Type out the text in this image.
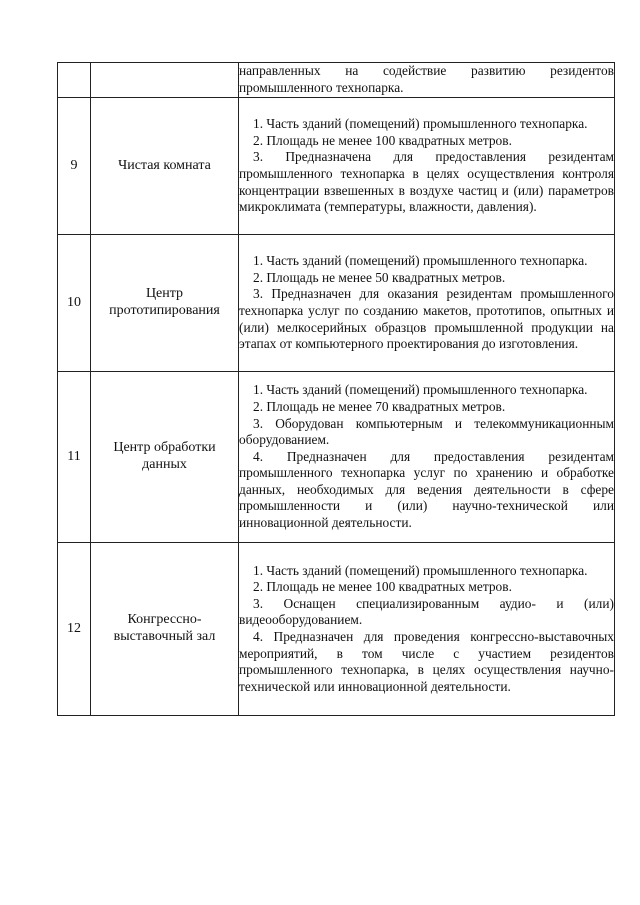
		направленных на содействие развитию резидентов промышленного технопарка.

9	Чистая комната	1. Часть зданий (помещений) промышленного технопарка.

2. Площадь не менее 100 квадратных метров.

3. Предназначена для предоставления резидентам промышленного технопарка в целях осуществления контроля концентрации взвешенных в воздухе частиц и (или) параметров микроклимата (температуры, влажности, давления).

10	Центр прототипирования	1. Часть зданий (помещений) промышленного технопарка.

2. Площадь не менее 50 квадратных метров.

3. Предназначен для оказания резидентам промышленного технопарка услуг по созданию макетов, прототипов, опытных и (или) мелкосерийных образцов промышленной продукции на этапах от компьютерного проектирования до изготовления.

11	Центр обработки данных	1. Часть зданий (помещений) промышленного технопарка.

2. Площадь не менее 70 квадратных метров.

3. Оборудован компьютерным и телекоммуникационным оборудованием.

4. Предназначен для предоставления резидентам промышленного технопарка услуг по хранению и обработке данных, необходимых для ведения деятельности в сфере промышленности и (или) научно-технической или инновационной деятельности.

12	Конгрессно-выставочный зал	1. Часть зданий (помещений) промышленного технопарка.

2. Площадь не менее 100 квадратных метров.

3. Оснащен специализированным аудио- и (или) видеооборудованием.

4. Предназначен для проведения конгрессно-выставочных мероприятий, в том числе с участием резидентов промышленного технопарка, в целях осуществления научно-технической или инновационной деятельности.
